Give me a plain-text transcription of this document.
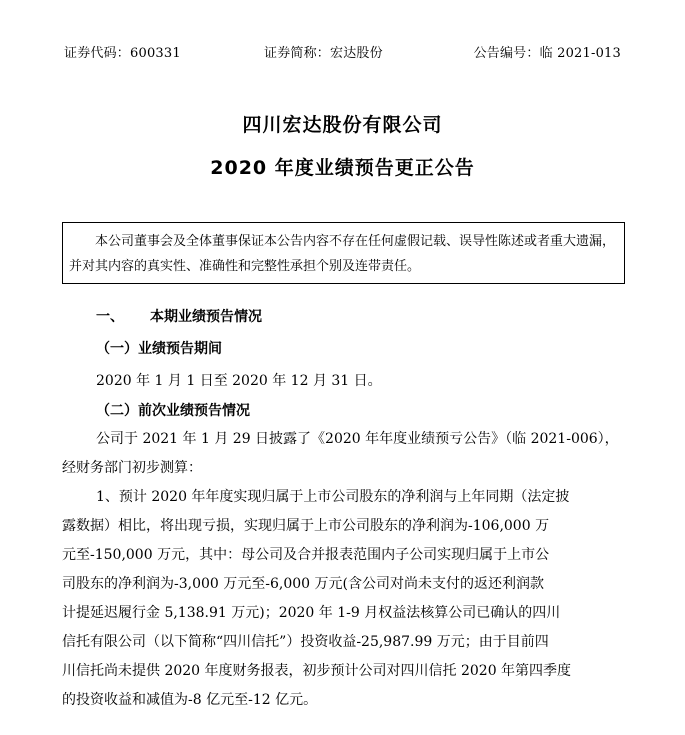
证券代码：600331	证券简称：宏达股份	公告编号：临 2021-013
四川宏达股份有限公司
2020 年度业绩预告更正公告
本公司董事会及全体董事保证本公告内容不存在任何虚假记载、误导性陈述或者重大遗漏，并对其内容的真实性、准确性和完整性承担个别及连带责任。
一、 本期业绩预告情况
（一）业绩预告期间
2020 年 1 月 1 日至 2020 年 12 月 31 日。
（二）前次业绩预告情况
公司于 2021 年 1 月 29 日披露了《2020 年年度业绩预亏公告》（临 2021-006），
经财务部门初步测算：
1、预计 2020 年年度实现归属于上市公司股东的净利润与上年同期（法定披
露数据）相比，将出现亏损，实现归属于上市公司股东的净利润为-106,000 万
元至-150,000 万元，其中：母公司及合并报表范围内子公司实现归属于上市公
司股东的净利润为-3,000 万元至-6,000 万元(含公司对尚未支付的返还利润款
计提延迟履行金 5,138.91 万元)；2020 年 1-9 月权益法核算公司已确认的四川
信托有限公司（以下简称“四川信托”）投资收益-25,987.99 万元；由于目前四
川信托尚未提供 2020 年度财务报表，初步预计公司对四川信托 2020 年第四季度
的投资收益和减值为-8 亿元至-12 亿元。
